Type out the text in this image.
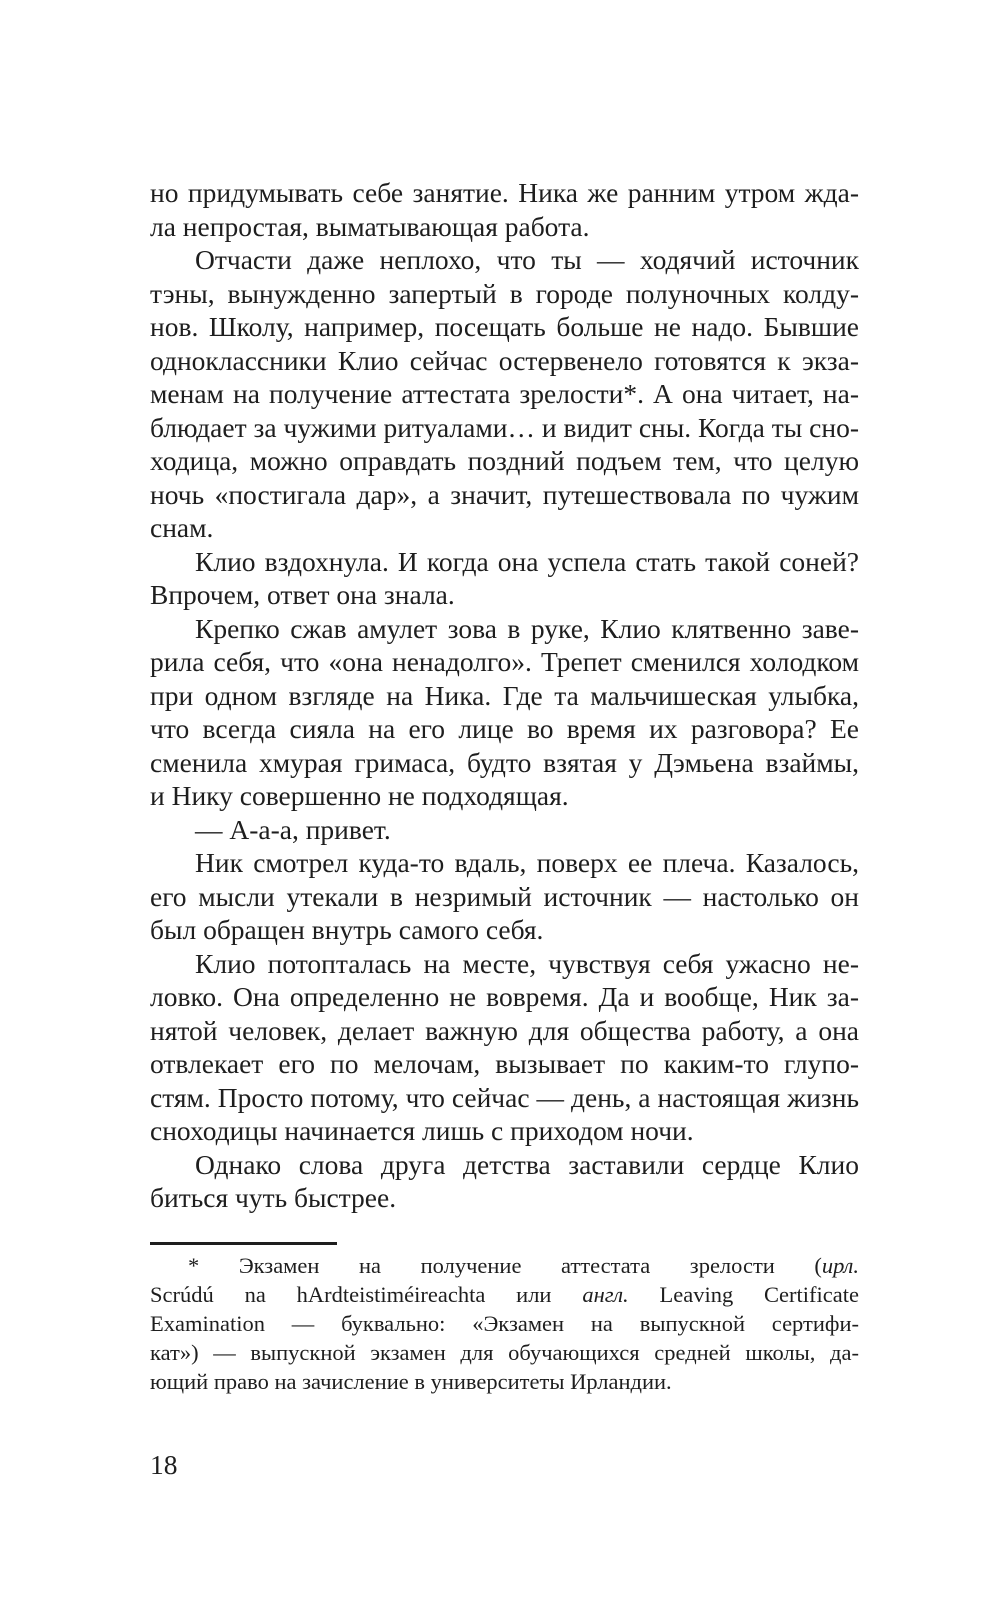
но придумывать себе занятие. Ника же ранним утром жда-
ла непростая, выматывающая работа.
Отчасти даже неплохо, что ты — ходячий источник
тэны, вынужденно запертый в городе полуночных колду-
нов. Школу, например, посещать больше не надо. Бывшие
одноклассники Клио сейчас остервенело готовятся к экза-
менам на получение аттестата зрелости*. А она читает, на-
блюдает за чужими ритуалами… и видит сны. Когда ты сно-
ходица, можно оправдать поздний подъем тем, что целую
ночь «постигала дар», а значит, путешествовала по чужим
снам.
Клио вздохнула. И когда она успела стать такой соней?
Впрочем, ответ она знала.
Крепко сжав амулет зова в руке, Клио клятвенно заве-
рила себя, что «она ненадолго». Трепет сменился холодком
при одном взгляде на Ника. Где та мальчишеская улыбка,
что всегда сияла на его лице во время их разговора? Ее
сменила хмурая гримаса, будто взятая у Дэмьена взаймы,
и Нику совершенно не подходящая.
— А-а-а, привет.
Ник смотрел куда-то вдаль, поверх ее плеча. Казалось,
его мысли утекали в незримый источник — настолько он
был обращен внутрь самого себя.
Клио потопталась на месте, чувствуя себя ужасно не-
ловко. Она определенно не вовремя. Да и вообще, Ник за-
нятой человек, делает важную для общества работу, а она
отвлекает его по мелочам, вызывает по каким-то глупо-
стям. Просто потому, что сейчас — день, а настоящая жизнь
сноходицы начинается лишь с приходом ночи.
Однако слова друга детства заставили сердце Клио
биться чуть быстрее.
* Экзамен на получение аттестата зрелости (ирл.
Scrúdú na hArdteistiméireachta или англ. Leaving Certificate
Examination — буквально: «Экзамен на выпускной сертифи-
кат») — выпускной экзамен для обучающихся средней школы, да-
ющий право на зачисление в университеты Ирландии.
18
